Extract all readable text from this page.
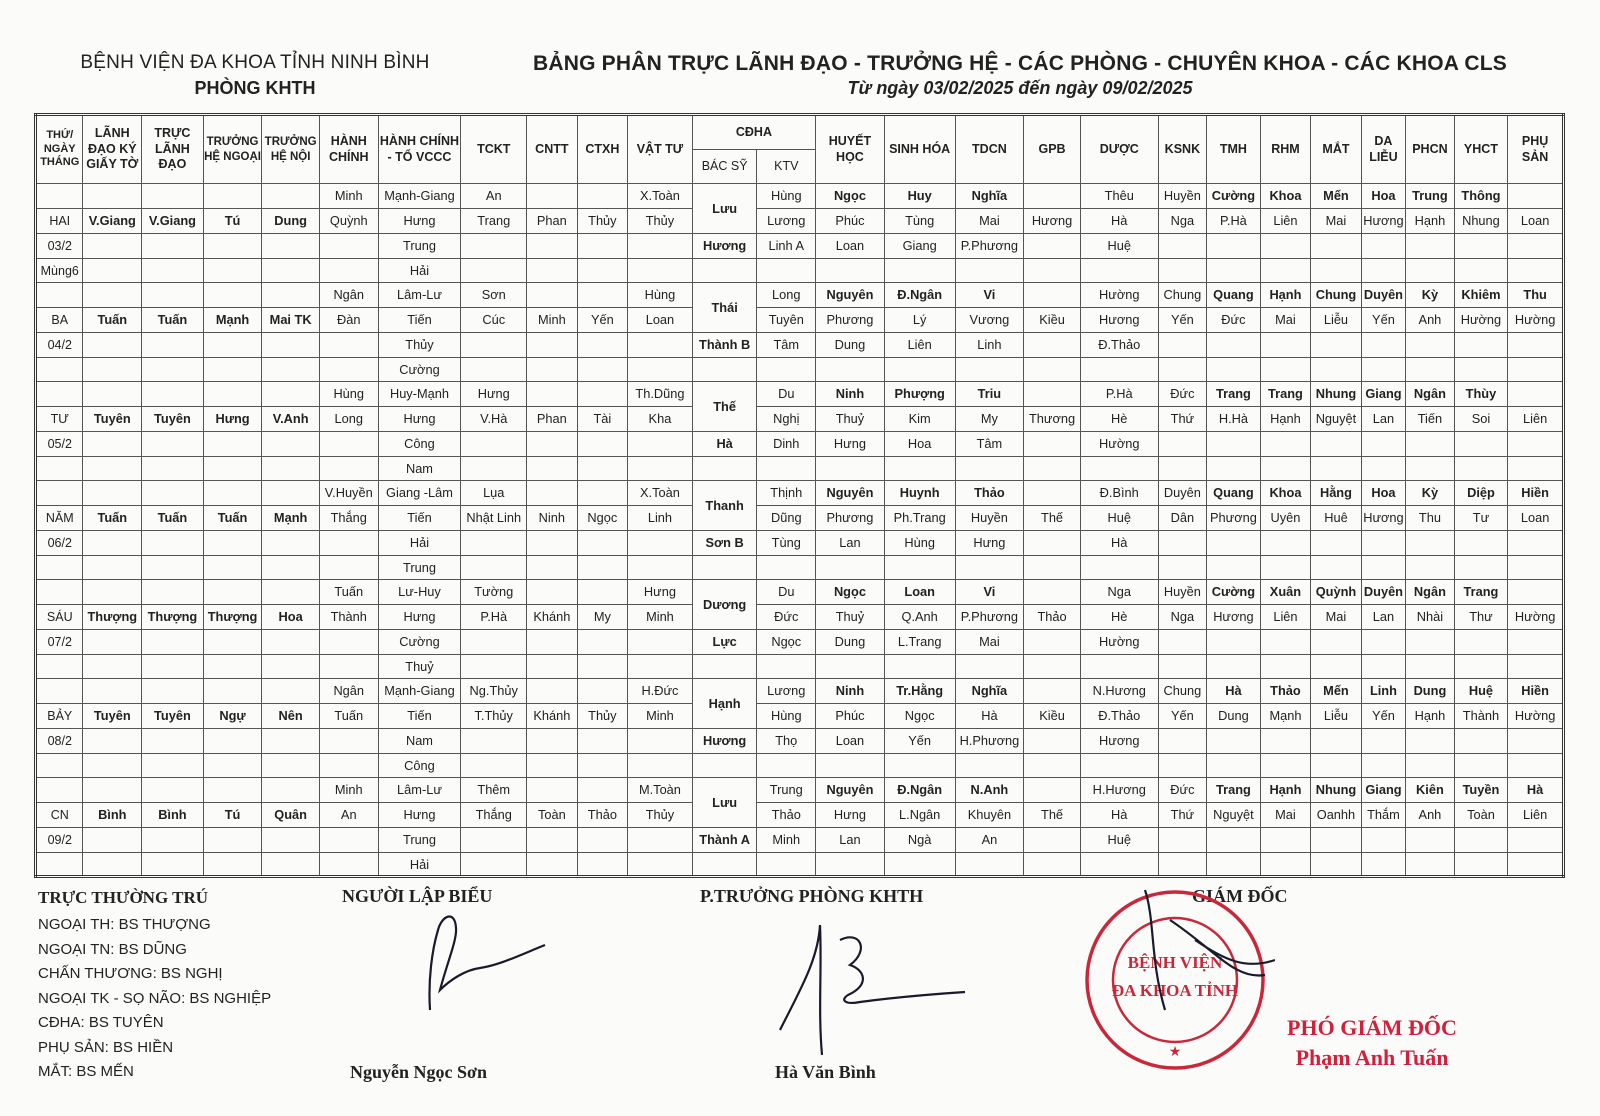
BỆNH VIỆN ĐA KHOA TỈNH NINH BÌNH
PHÒNG KHTH
BẢNG PHÂN TRỰC LÃNH ĐẠO - TRƯỞNG HỆ - CÁC PHÒNG - CHUYÊN KHOA - CÁC KHOA CLS
Từ ngày 03/02/2025 đến ngày 09/02/2025
THỨ/ NGÀY THÁNG	LÃNH ĐẠO KÝ GIẤY TỜ	TRỰC LÃNH ĐẠO	TRƯỞNG HỆ NGOẠI	TRƯỞNG HỆ NỘI	HÀNH CHÍNH	HÀNH CHÍNH - TỔ VCCC	TCKT	CNTT	CTXH	VẬT TƯ	CĐHA		HUYẾT HỌC	SINH HÓA	TDCN	GPB	DƯỢC	KSNK	TMH	RHM	MẮT	DA LIỄU	PHCN	YHCT	PHỤ SẢN
											BÁC SỸ	KTV													
					Minh	Mạnh-Giang	An			X.Toàn	Lưu	Hùng	Ngọc	Huy	Nghĩa		Thêu	Huyền	Cường	Khoa	Mến	Hoa	Trung	Thông	
HAI	V.Giang	V.Giang	Tú	Dung	Quỳnh	Hưng	Trang	Phan	Thủy	Thủy		Lương	Phúc	Tùng	Mai	Hương	Hà	Nga	P.Hà	Liên	Mai	Hương	Hạnh	Nhung	Loan
03/2						Trung					Hương	Linh A	Loan	Giang	P.Phương		Huệ								
Mùng6						Hải																			
					Ngân	Lâm-Lư	Sơn			Hùng	Thái	Long	Nguyên	Đ.Ngân	Vi		Hường	Chung	Quang	Hạnh	Chung	Duyên	Kỳ	Khiêm	Thu
BA	Tuấn	Tuấn	Mạnh	Mai TK	Đàn	Tiến	Cúc	Minh	Yến	Loan		Tuyên	Phương	Lý	Vương	Kiều	Hương	Yến	Đức	Mai	Liễu	Yến	Anh	Hường	Hường
04/2						Thủy					Thành B	Tâm	Dung	Liên	Linh		Đ.Thảo								
						Cường																			
					Hùng	Huy-Mạnh	Hưng			Th.Dũng	Thế	Du	Ninh	Phượng	Triu		P.Hà	Đức	Trang	Trang	Nhung	Giang	Ngân	Thùy	
TƯ	Tuyên	Tuyên	Hưng	V.Anh	Long	Hưng	V.Hà	Phan	Tài	Kha		Nghị	Thuỷ	Kim	My	Thương	Hè	Thứ	H.Hà	Hạnh	Nguyệt	Lan	Tiến	Soi	Liên
05/2						Công					Hà	Dinh	Hưng	Hoa	Tâm		Hường								
						Nam																			
					V.Huyền	Giang -Lâm	Lụa			X.Toàn	Thanh	Thịnh	Nguyên	Huynh	Thảo		Đ.Bình	Duyên	Quang	Khoa	Hằng	Hoa	Kỳ	Diệp	Hiền
NĂM	Tuấn	Tuấn	Tuấn	Mạnh	Thắng	Tiến	Nhật Linh	Ninh	Ngọc	Linh		Dũng	Phương	Ph.Trang	Huyền	Thế	Huệ	Dân	Phương	Uyên	Huê	Hương	Thu	Tư	Loan
06/2						Hải					Sơn B	Tùng	Lan	Hùng	Hưng		Hà								
						Trung																			
					Tuấn	Lư-Huy	Tường			Hưng	Dương	Du	Ngọc	Loan	Vi		Nga	Huyền	Cường	Xuân	Quỳnh	Duyên	Ngân	Trang	
SÁU	Thượng	Thượng	Thượng	Hoa	Thành	Hưng	P.Hà	Khánh	My	Minh		Đức	Thuỷ	Q.Anh	P.Phương	Thảo	Hè	Nga	Hương	Liên	Mai	Lan	Nhài	Thư	Hường
07/2						Cường					Lực	Ngọc	Dung	L.Trang	Mai		Hường								
						Thuỷ																			
					Ngân	Mạnh-Giang	Ng.Thủy			H.Đức	Hạnh	Lương	Ninh	Tr.Hằng	Nghĩa		N.Hương	Chung	Hà	Thảo	Mến	Linh	Dung	Huệ	Hiền
BẢY	Tuyên	Tuyên	Ngự	Nên	Tuấn	Tiến	T.Thủy	Khánh	Thủy	Minh		Hùng	Phúc	Ngọc	Hà	Kiều	Đ.Thảo	Yến	Dung	Mạnh	Liễu	Yến	Hạnh	Thành	Hường
08/2						Nam					Hương	Thọ	Loan	Yến	H.Phương		Hương								
						Công																			
					Minh	Lâm-Lư	Thêm			M.Toàn	Lưu	Trung	Nguyên	Đ.Ngân	N.Anh		H.Hương	Đức	Trang	Hạnh	Nhung	Giang	Kiên	Tuyền	Hà
CN	Bình	Bình	Tú	Quân	An	Hưng	Thắng	Toàn	Thảo	Thủy		Thảo	Hưng	L.Ngân	Khuyên	Thế	Hà	Thứ	Nguyệt	Mai	Oanhh	Thắm	Anh	Toàn	Liên
09/2						Trung					Thành A	Minh	Lan	Ngà	An		Huệ								
						Hải																			
TRỰC THƯỜNG TRÚ
NGOẠI TH: BS THƯỢNG
NGOẠI TN: BS DŨNG
CHẤN THƯƠNG: BS NGHỊ
NGOẠI TK - SỌ NÃO: BS NGHIỆP
CĐHA: BS TUYÊN
PHỤ SẢN: BS HIỀN
MẮT: BS MẾN
NGƯỜI LẬP BIỂU
Nguyễn Ngọc Sơn
P.TRƯỞNG PHÒNG KHTH
Hà Văn Bình
GIÁM ĐỐC
BỆNH VIỆN
ĐA KHOA TỈNH
★
PHÓ GIÁM ĐỐC
Phạm Anh Tuấn
